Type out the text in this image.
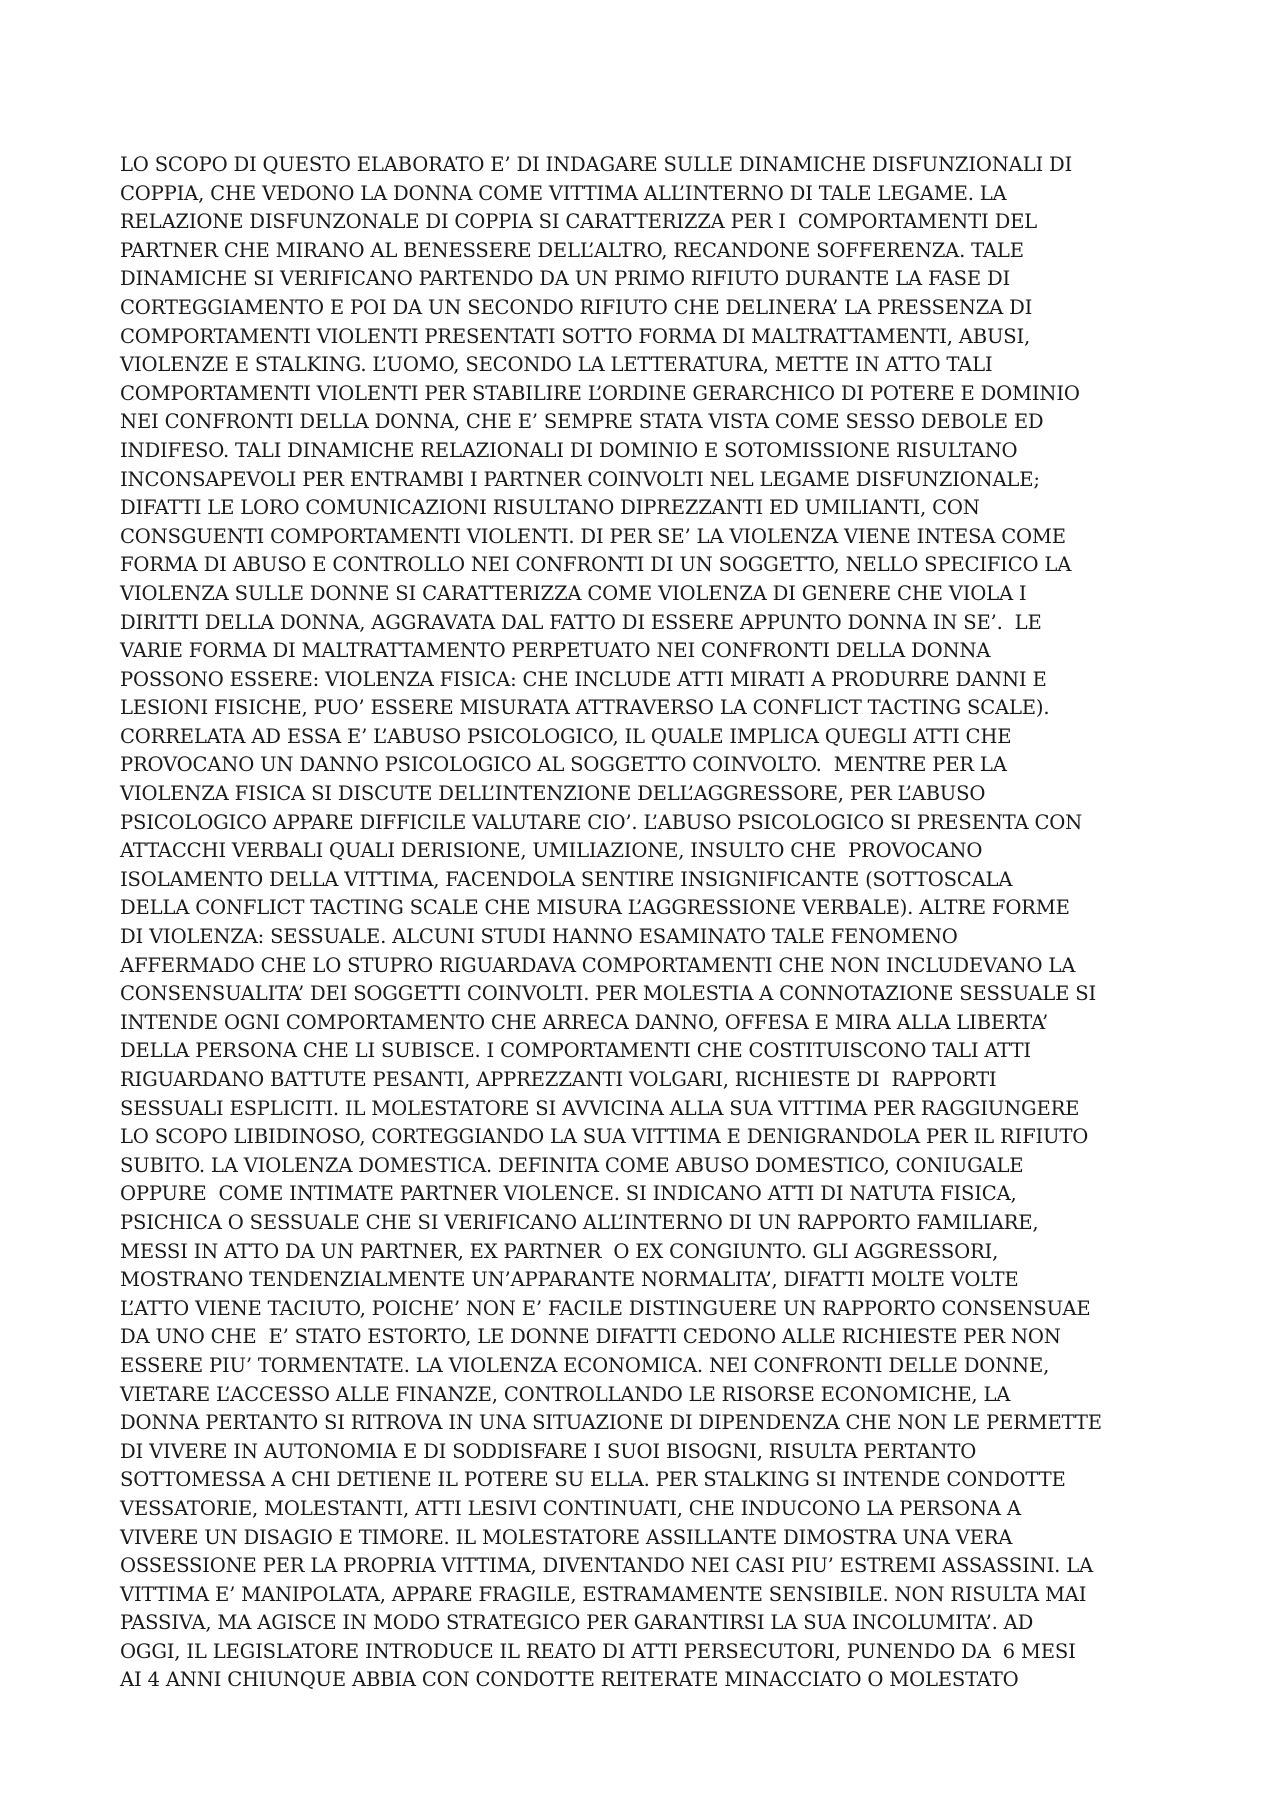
LO SCOPO DI QUESTO ELABORATO E’ DI INDAGARE SULLE DINAMICHE DISFUNZIONALI DI
COPPIA, CHE VEDONO LA DONNA COME VITTIMA ALL’INTERNO DI TALE LEGAME. LA
RELAZIONE DISFUNZONALE DI COPPIA SI CARATTERIZZA PER I  COMPORTAMENTI DEL
PARTNER CHE MIRANO AL BENESSERE DELL’ALTRO, RECANDONE SOFFERENZA. TALE
DINAMICHE SI VERIFICANO PARTENDO DA UN PRIMO RIFIUTO DURANTE LA FASE DI
CORTEGGIAMENTO E POI DA UN SECONDO RIFIUTO CHE DELINERA’ LA PRESSENZA DI
COMPORTAMENTI VIOLENTI PRESENTATI SOTTO FORMA DI MALTRATTAMENTI, ABUSI,
VIOLENZE E STALKING. L’UOMO, SECONDO LA LETTERATURA, METTE IN ATTO TALI
COMPORTAMENTI VIOLENTI PER STABILIRE L’ORDINE GERARCHICO DI POTERE E DOMINIO
NEI CONFRONTI DELLA DONNA, CHE E’ SEMPRE STATA VISTA COME SESSO DEBOLE ED
INDIFESO. TALI DINAMICHE RELAZIONALI DI DOMINIO E SOTOMISSIONE RISULTANO
INCONSAPEVOLI PER ENTRAMBI I PARTNER COINVOLTI NEL LEGAME DISFUNZIONALE;
DIFATTI LE LORO COMUNICAZIONI RISULTANO DIPREZZANTI ED UMILIANTI, CON
CONSGUENTI COMPORTAMENTI VIOLENTI. DI PER SE’ LA VIOLENZA VIENE INTESA COME
FORMA DI ABUSO E CONTROLLO NEI CONFRONTI DI UN SOGGETTO, NELLO SPECIFICO LA
VIOLENZA SULLE DONNE SI CARATTERIZZA COME VIOLENZA DI GENERE CHE VIOLA I
DIRITTI DELLA DONNA, AGGRAVATA DAL FATTO DI ESSERE APPUNTO DONNA IN SE’.  LE
VARIE FORMA DI MALTRATTAMENTO PERPETUATO NEI CONFRONTI DELLA DONNA
POSSONO ESSERE: VIOLENZA FISICA: CHE INCLUDE ATTI MIRATI A PRODURRE DANNI E
LESIONI FISICHE, PUO’ ESSERE MISURATA ATTRAVERSO LA CONFLICT TACTING SCALE).
CORRELATA AD ESSA E’ L’ABUSO PSICOLOGICO, IL QUALE IMPLICA QUEGLI ATTI CHE
PROVOCANO UN DANNO PSICOLOGICO AL SOGGETTO COINVOLTO.  MENTRE PER LA
VIOLENZA FISICA SI DISCUTE DELL’INTENZIONE DELL’AGGRESSORE, PER L’ABUSO
PSICOLOGICO APPARE DIFFICILE VALUTARE CIO’. L’ABUSO PSICOLOGICO SI PRESENTA CON
ATTACCHI VERBALI QUALI DERISIONE, UMILIAZIONE, INSULTO CHE  PROVOCANO
ISOLAMENTO DELLA VITTIMA, FACENDOLA SENTIRE INSIGNIFICANTE (SOTTOSCALA
DELLA CONFLICT TACTING SCALE CHE MISURA L’AGGRESSIONE VERBALE). ALTRE FORME
DI VIOLENZA: SESSUALE. ALCUNI STUDI HANNO ESAMINATO TALE FENOMENO
AFFERMADO CHE LO STUPRO RIGUARDAVA COMPORTAMENTI CHE NON INCLUDEVANO LA
CONSENSUALITA’ DEI SOGGETTI COINVOLTI. PER MOLESTIA A CONNOTAZIONE SESSUALE SI
INTENDE OGNI COMPORTAMENTO CHE ARRECA DANNO, OFFESA E MIRA ALLA LIBERTA’
DELLA PERSONA CHE LI SUBISCE. I COMPORTAMENTI CHE COSTITUISCONO TALI ATTI
RIGUARDANO BATTUTE PESANTI, APPREZZANTI VOLGARI, RICHIESTE DI  RAPPORTI
SESSUALI ESPLICITI. IL MOLESTATORE SI AVVICINA ALLA SUA VITTIMA PER RAGGIUNGERE
LO SCOPO LIBIDINOSO, CORTEGGIANDO LA SUA VITTIMA E DENIGRANDOLA PER IL RIFIUTO
SUBITO. LA VIOLENZA DOMESTICA. DEFINITA COME ABUSO DOMESTICO, CONIUGALE
OPPURE  COME INTIMATE PARTNER VIOLENCE. SI INDICANO ATTI DI NATUTA FISICA,
PSICHICA O SESSUALE CHE SI VERIFICANO ALL’INTERNO DI UN RAPPORTO FAMILIARE,
MESSI IN ATTO DA UN PARTNER, EX PARTNER  O EX CONGIUNTO. GLI AGGRESSORI,
MOSTRANO TENDENZIALMENTE UN’APPARANTE NORMALITA’, DIFATTI MOLTE VOLTE
L’ATTO VIENE TACIUTO, POICHE’ NON E’ FACILE DISTINGUERE UN RAPPORTO CONSENSUAE
DA UNO CHE  E’ STATO ESTORTO, LE DONNE DIFATTI CEDONO ALLE RICHIESTE PER NON
ESSERE PIU’ TORMENTATE. LA VIOLENZA ECONOMICA. NEI CONFRONTI DELLE DONNE,
VIETARE L’ACCESSO ALLE FINANZE, CONTROLLANDO LE RISORSE ECONOMICHE, LA
DONNA PERTANTO SI RITROVA IN UNA SITUAZIONE DI DIPENDENZA CHE NON LE PERMETTE
DI VIVERE IN AUTONOMIA E DI SODDISFARE I SUOI BISOGNI, RISULTA PERTANTO
SOTTOMESSA A CHI DETIENE IL POTERE SU ELLA. PER STALKING SI INTENDE CONDOTTE
VESSATORIE, MOLESTANTI, ATTI LESIVI CONTINUATI, CHE INDUCONO LA PERSONA A
VIVERE UN DISAGIO E TIMORE. IL MOLESTATORE ASSILLANTE DIMOSTRA UNA VERA
OSSESSIONE PER LA PROPRIA VITTIMA, DIVENTANDO NEI CASI PIU’ ESTREMI ASSASSINI. LA
VITTIMA E’ MANIPOLATA, APPARE FRAGILE, ESTRAMAMENTE SENSIBILE. NON RISULTA MAI
PASSIVA, MA AGISCE IN MODO STRATEGICO PER GARANTIRSI LA SUA INCOLUMITA’. AD
OGGI, IL LEGISLATORE INTRODUCE IL REATO DI ATTI PERSECUTORI, PUNENDO DA  6 MESI
AI 4 ANNI CHIUNQUE ABBIA CON CONDOTTE REITERATE MINACCIATO O MOLESTATO
